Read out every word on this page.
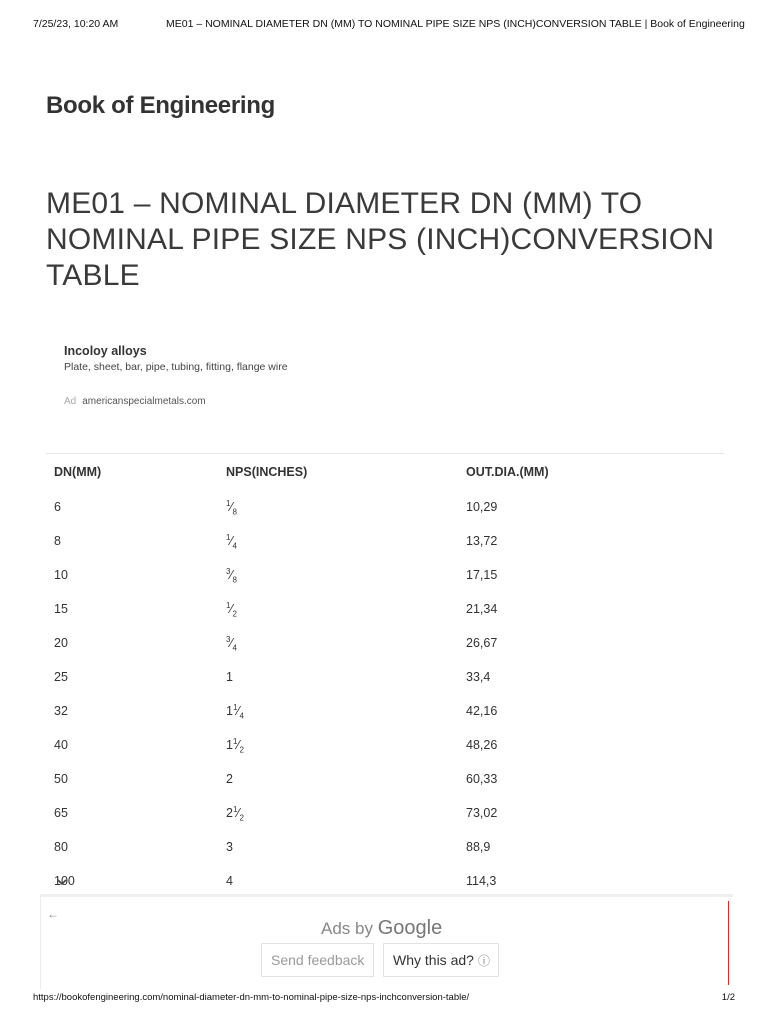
7/25/23, 10:20 AM	ME01 – NOMINAL DIAMETER DN (MM) TO NOMINAL PIPE SIZE NPS (INCH)CONVERSION TABLE | Book of Engineering
Book of Engineering
ME01 – NOMINAL DIAMETER DN (MM) TO NOMINAL PIPE SIZE NPS (INCH)CONVERSION TABLE
Incoloy alloys
Plate, sheet, bar, pipe, tubing, fitting, flange wire
Ad americanspecialmetals.com
DN(MM)	NPS(INCHES)	OUT.DIA.(MM)
6	$^1⁄_8$	10,29
8	$^1⁄_4$	13,72
10	$^3⁄_8$	17,15
15	$^1⁄_2$	21,34
20	$^3⁄_4$	26,67
25	1	33,4
32	$1^1⁄_4$	42,16
40	$1^1⁄_2$	48,26
50	2	60,33
65	$2^1⁄_2$	73,02
80	3	88,9
100	4	114,3
←
Ads by Google
Send feedback	Why this ad? ⓘ
https://bookofengineering.com/nominal-diameter-dn-mm-to-nominal-pipe-size-nps-inchconversion-table/	1/2
